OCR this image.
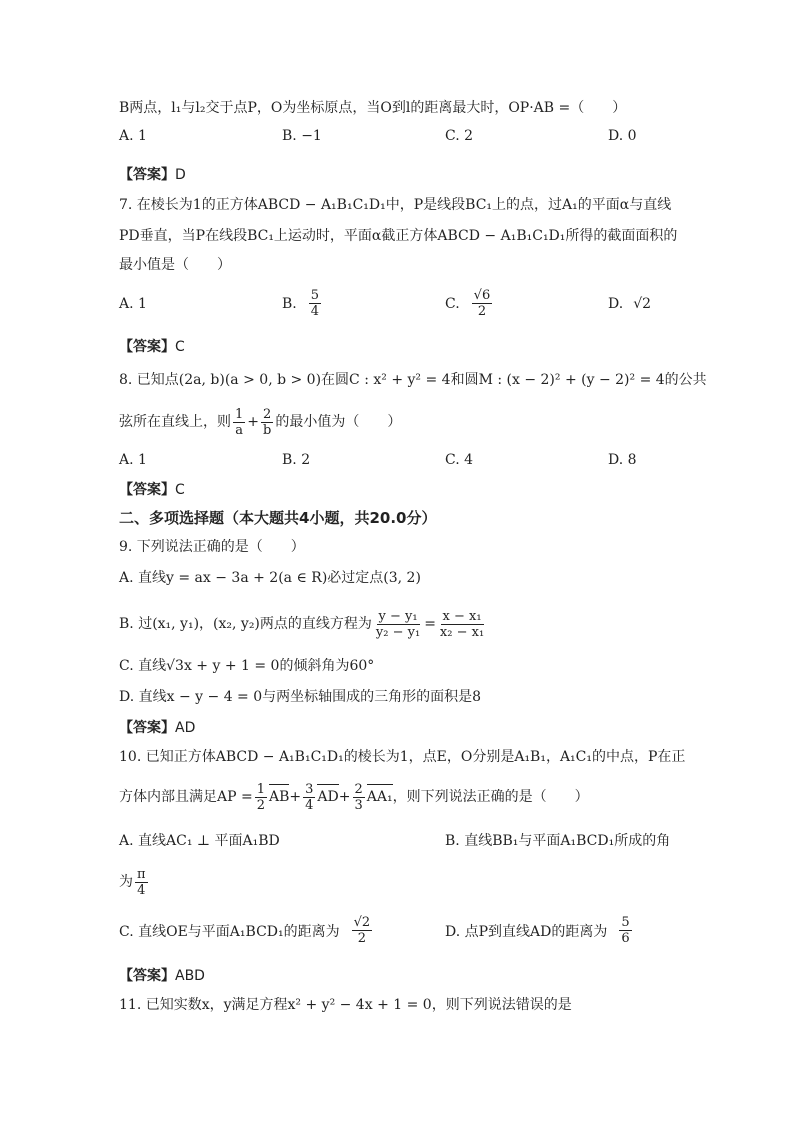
B两点，l₁与l₂交于点P，O为坐标原点，当O到l的距离最大时，OP·AB =（　　）
A. 1	B. −1	C. 2	D. 0
【答案】D
7. 在棱长为1的正方体ABCD − A₁B₁C₁D₁中，P是线段BC₁上的点，过A₁的平面α与直线
PD垂直，当P在线段BC₁上运动时，平面α截正方体ABCD − A₁B₁C₁D₁所得的截面面积的
最小值是（　　）
A. 1	B. $\frac{5}{4}$	C. $\frac{√6}{2}$	D. √2
【答案】C
8. 已知点(2a, b)(a > 0, b > 0)在圆C : x² + y² = 4和圆M : (x − 2)² + (y − 2)² = 4的公共
弦所在直线上，则 $\frac{1}{a} + \frac{2}{b}$ 的最小值为（　　）
A. 1	B. 2	C. 4	D. 8
【答案】C
二、多项选择题（本大题共4小题，共20.0分）
9. 下列说法正确的是（　　）
A. 直线y = ax − 3a + 2(a ∈ R)必过定点(3, 2)
B. 过(x₁, y₁)，(x₂, y₂)两点的直线方程为 $\frac{\text{y − y₁}}{\text{y₂ − y₁}} = \frac{\text{x − x₁}}{\text{x₂ − x₁}}$
C. 直线√3x + y + 1 = 0的倾斜角为60°
D. 直线x − y − 4 = 0与两坐标轴围成的三角形的面积是8
【答案】AD
10. 已知正方体ABCD − A₁B₁C₁D₁的棱长为1，点E，O分别是A₁B₁，A₁C₁的中点，P在正
方体内部且满足AP = $\frac{1}{2}$ AB + $\frac{3}{4}$ AD + $\frac{2}{3} AA_1$ ，则下列说法正确的是（　　）
A. 直线AC₁ ⊥ 平面A₁BD	B. 直线BB₁与平面A₁BCD₁所成的角
为 $\frac{\pi}{4}$
C. 直线OE与平面A₁BCD₁的距离为 $\frac{√2}{2}$	D. 点P到直线AD的距离为 $\frac{5}{6}$
【答案】ABD
11. 已知实数x，y满足方程x² + y² − 4x + 1 = 0，则下列说法错误的是
